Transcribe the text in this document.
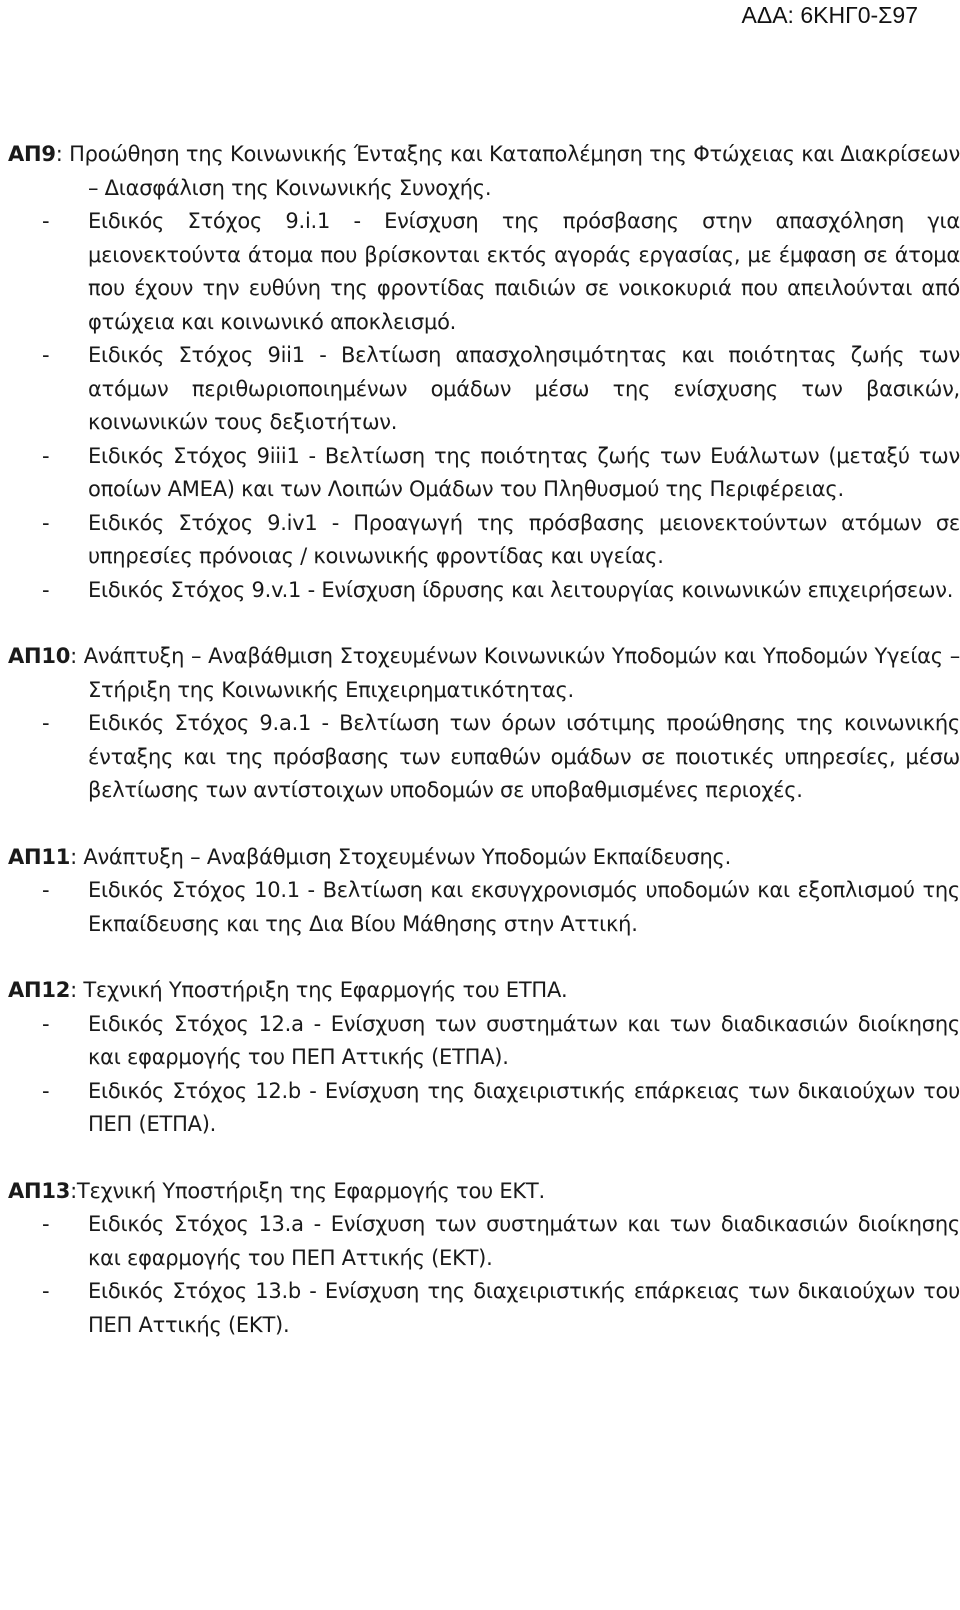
ΑΔΑ: 6ΚΗΓ0-Σ97

ΑΠ9: Προώθηση της Κοινωνικής Ένταξης και Καταπολέμηση της Φτώχειας και Διακρίσεων – Διασφάλιση της Κοινωνικής Συνοχής.

- Ειδικός Στόχος 9.i.1 - Ενίσχυση της πρόσβασης στην απασχόληση για μειονεκτούντα άτομα που βρίσκονται εκτός αγοράς εργασίας, με έμφαση σε άτομα που έχουν την ευθύνη της φροντίδας παιδιών σε νοικοκυριά που απειλούνται από φτώχεια και κοινωνικό αποκλεισμό.
- Ειδικός Στόχος 9ii1 - Βελτίωση απασχολησιμότητας και ποιότητας ζωής των ατόμων περιθωριοποιημένων ομάδων μέσω της ενίσχυσης των βασικών, κοινωνικών τους δεξιοτήτων.
- Ειδικός Στόχος 9iii1 - Βελτίωση της ποιότητας ζωής των Ευάλωτων (μεταξύ των οποίων ΑΜΕΑ) και των Λοιπών Ομάδων του Πληθυσμού της Περιφέρειας.
- Ειδικός Στόχος 9.iv1 - Προαγωγή της πρόσβασης μειονεκτούντων ατόμων σε υπηρεσίες πρόνοιας / κοινωνικής φροντίδας και υγείας.
- Ειδικός Στόχος 9.v.1 - Ενίσχυση ίδρυσης και λειτουργίας κοινωνικών επιχειρήσεων.

ΑΠ10: Ανάπτυξη – Αναβάθμιση Στοχευμένων Κοινωνικών Υποδομών και Υποδομών Υγείας – Στήριξη της Κοινωνικής Επιχειρηματικότητας.

- Ειδικός Στόχος 9.a.1 - Βελτίωση των όρων ισότιμης προώθησης της κοινωνικής ένταξης και της πρόσβασης των ευπαθών ομάδων σε ποιοτικές υπηρεσίες, μέσω βελτίωσης των αντίστοιχων υποδομών σε υποβαθμισμένες περιοχές.

ΑΠ11: Ανάπτυξη – Αναβάθμιση Στοχευμένων Υποδομών Εκπαίδευσης.

- Ειδικός Στόχος 10.1 - Βελτίωση και εκσυγχρονισμός υποδομών και εξοπλισμού της Εκπαίδευσης και της Δια Βίου Μάθησης στην Αττική.

ΑΠ12: Τεχνική Υποστήριξη της Εφαρμογής του ΕΤΠΑ.

- Ειδικός Στόχος 12.a - Ενίσχυση των συστημάτων και των διαδικασιών διοίκησης και εφαρμογής του ΠΕΠ Αττικής (ΕΤΠΑ).
- Ειδικός Στόχος 12.b - Ενίσχυση της διαχειριστικής επάρκειας των δικαιούχων του ΠΕΠ (ΕΤΠΑ).

ΑΠ13:Τεχνική Υποστήριξη της Εφαρμογής του ΕΚΤ.

- Ειδικός Στόχος 13.a - Ενίσχυση των συστημάτων και των διαδικασιών διοίκησης και εφαρμογής του ΠΕΠ Αττικής (ΕΚΤ).
- Ειδικός Στόχος 13.b - Ενίσχυση της διαχειριστικής επάρκειας των δικαιούχων του ΠΕΠ Αττικής (ΕΚΤ).
